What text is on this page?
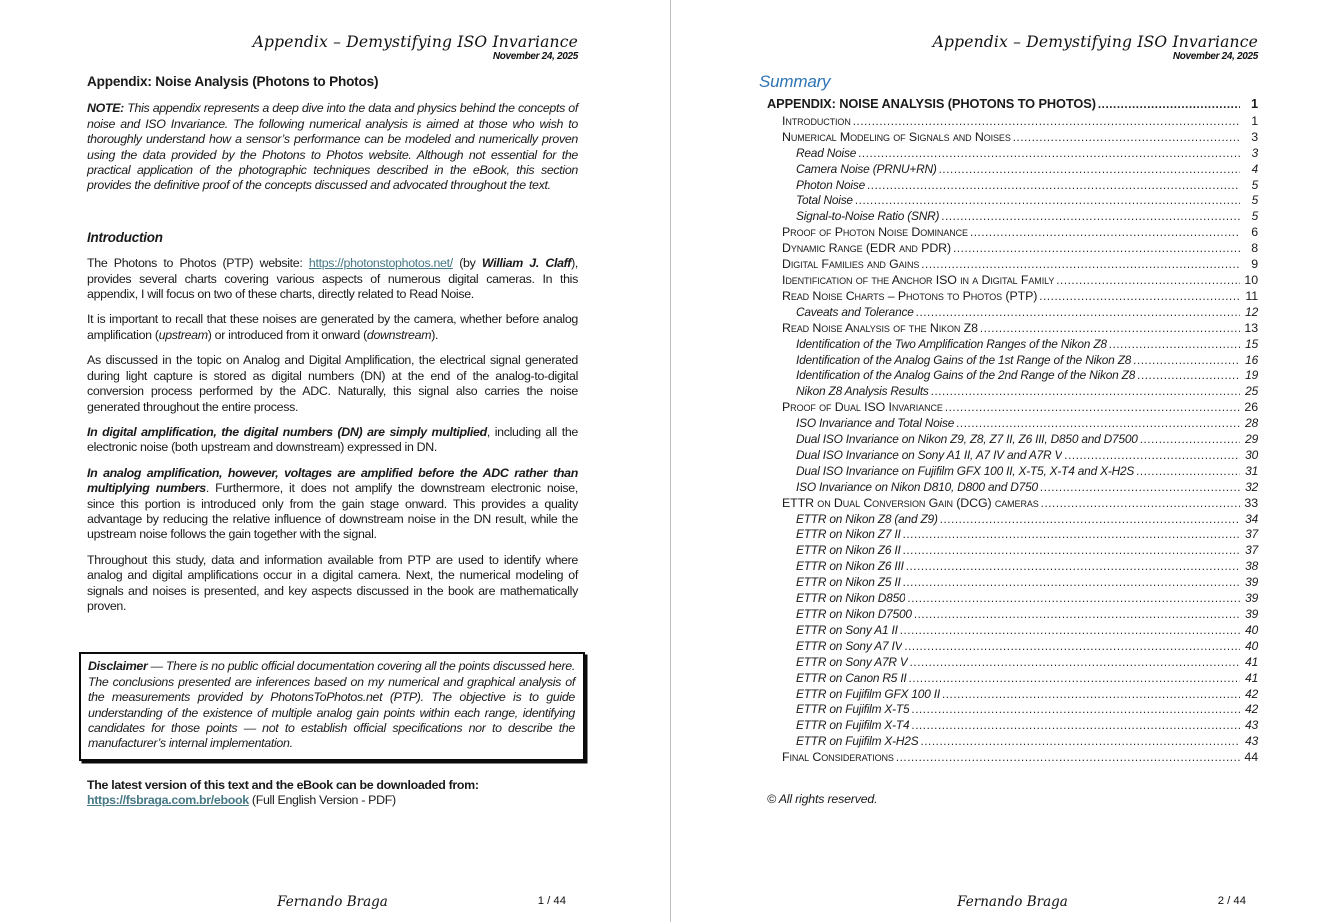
Appendix – Demystifying ISO Invariance
November 24, 2025
Appendix: Noise Analysis (Photons to Photos)

NOTE: This appendix represents a deep dive into the data and physics behind the concepts of noise and ISO Invariance. The following numerical analysis is aimed at those who wish to thoroughly understand how a sensor’s performance can be modeled and numerically proven using the data provided by the Photons to Photos website. Although not essential for the practical application of the photographic techniques described in the eBook, this section provides the definitive proof of the concepts discussed and advocated throughout the text.

Introduction

The Photons to Photos (PTP) website: https://photonstophotos.net/ (by William J. Claff), provides several charts covering various aspects of numerous digital cameras. In this appendix, I will focus on two of these charts, directly related to Read Noise.

It is important to recall that these noises are generated by the camera, whether before analog amplification (upstream) or introduced from it onward (downstream).

As discussed in the topic on Analog and Digital Amplification, the electrical signal generated during light capture is stored as digital numbers (DN) at the end of the analog-to-digital conversion process performed by the ADC. Naturally, this signal also carries the noise generated throughout the entire process.

In digital amplification, the digital numbers (DN) are simply multiplied, including all the electronic noise (both upstream and downstream) expressed in DN.

In analog amplification, however, voltages are amplified before the ADC rather than multiplying numbers. Furthermore, it does not amplify the downstream electronic noise, since this portion is introduced only from the gain stage onward. This provides a quality advantage by reducing the relative influence of downstream noise in the DN result, while the upstream noise follows the gain together with the signal.

Throughout this study, data and information available from PTP are used to identify where analog and digital amplifications occur in a digital camera. Next, the numerical modeling of signals and noises is presented, and key aspects discussed in the book are mathematically proven.

Disclaimer — There is no public official documentation covering all the points discussed here. The conclusions presented are inferences based on my numerical and graphical analysis of the measurements provided by PhotonsToPhotos.net (PTP). The objective is to guide understanding of the existence of multiple analog gain points within each range, identifying candidates for those points — not to establish official specifications nor to describe the manufacturer’s internal implementation.

The latest version of this text and the eBook can be downloaded from:
https://fsbraga.com.br/ebook (Full English Version - PDF)

Fernando Braga	1 / 44
Appendix – Demystifying ISO Invariance
November 24, 2025
Summary
APPENDIX: NOISE ANALYSIS (PHOTONS TO PHOTOS) .....	1
Introduction .....	1
Numerical Modeling of Signals and Noises .....	3
Read Noise .....	3
Camera Noise (PRNU+RN) .....	4
Photon Noise .....	5
Total Noise .....	5
Signal-to-Noise Ratio (SNR) .....	5
Proof of Photon Noise Dominance .....	6
Dynamic Range (EDR and PDR) .....	8
Digital Families and Gains .....	9
Identification of the Anchor ISO in a Digital Family .....	10
Read Noise Charts – Photons to Photos (PTP) .....	11
Caveats and Tolerance .....	12
Read Noise Analysis of the Nikon Z8 .....	13
Identification of the Two Amplification Ranges of the Nikon Z8 .....	15
Identification of the Analog Gains of the 1st Range of the Nikon Z8 .....	16
Identification of the Analog Gains of the 2nd Range of the Nikon Z8 .....	19
Nikon Z8 Analysis Results .....	25
Proof of Dual ISO Invariance .....	26
ISO Invariance and Total Noise .....	28
Dual ISO Invariance on Nikon Z9, Z8, Z7 II, Z6 III, D850 and D7500 .....	29
Dual ISO Invariance on Sony A1 II, A7 IV and A7R V .....	30
Dual ISO Invariance on Fujifilm GFX 100 II, X-T5, X-T4 and X-H2S .....	31
ISO Invariance on Nikon D810, D800 and D750 .....	32
ETTR on Dual Conversion Gain (DCG) cameras .....	33
ETTR on Nikon Z8 (and Z9) .....	34
ETTR on Nikon Z7 II .....	37
ETTR on Nikon Z6 II .....	37
ETTR on Nikon Z6 III .....	38
ETTR on Nikon Z5 II .....	39
ETTR on Nikon D850 .....	39
ETTR on Nikon D7500 .....	39
ETTR on Sony A1 II .....	40
ETTR on Sony A7 IV .....	40
ETTR on Sony A7R V .....	41
ETTR on Canon R5 II .....	41
ETTR on Fujifilm GFX 100 II .....	42
ETTR on Fujifilm X-T5 .....	42
ETTR on Fujifilm X-T4 .....	43
ETTR on Fujifilm X-H2S .....	43
Final Considerations .....	44
© All rights reserved.
Fernando Braga	2 / 44
